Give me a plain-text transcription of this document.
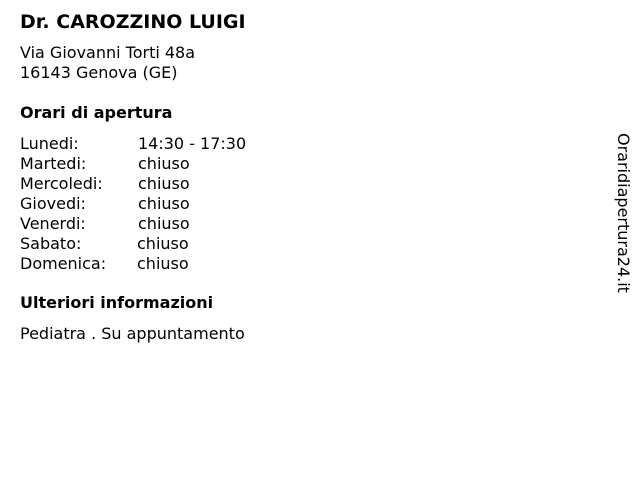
Dr. CAROZZINO LUIGI
Via Giovanni Torti 48a
16143 Genova (GE)
Orari di apertura
Lunedi:	14:30 - 17:30
Martedi:	chiuso
Mercoledi: chiuso
Giovedi:	chiuso
Venerdi:	chiuso
Sabato:	chiuso
Domenica: chiuso
Ulteriori informazioni
Pediatra . Su appuntamento
Oraridiapertura24.it
